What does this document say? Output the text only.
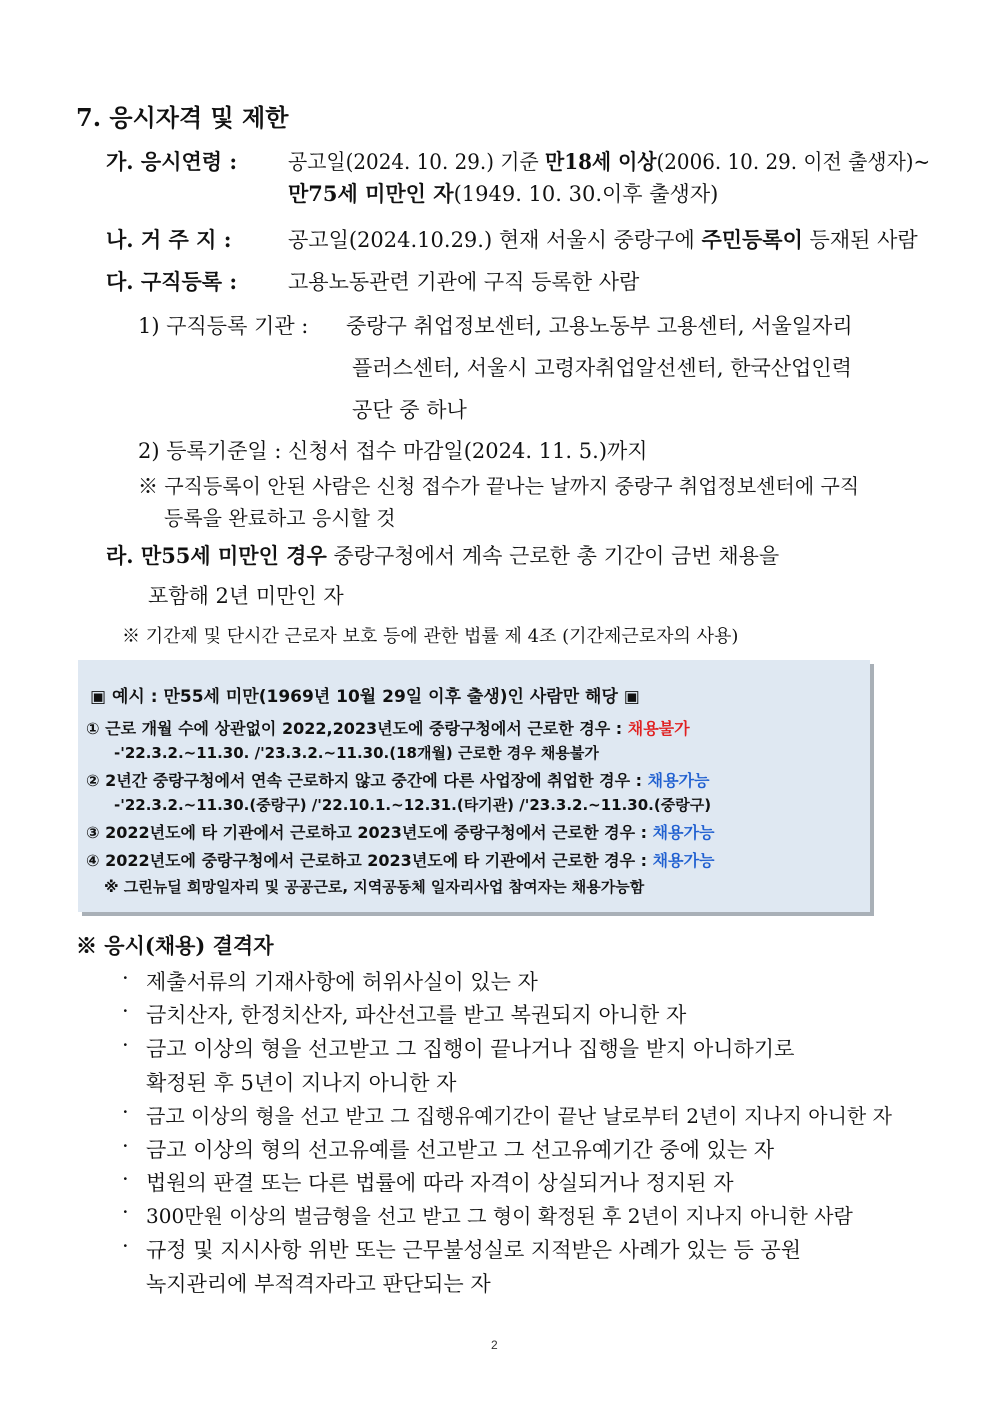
7. 응시자격 및 제한
가. 응시연령 : 공고일(2024. 10. 29.) 기준 만18세 이상(2006. 10. 29. 이전 출생자)~
만75세 미만인 자(1949. 10. 30.이후 출생자)
나. 거 주 지 :	공고일(2024.10.29.) 현재 서울시 중랑구에 주민등록이 등재된 사람
다. 구직등록 : 고용노동관련 기관에 구직 등록한 사람
1) 구직등록 기관 : 중랑구 취업정보센터, 고용노동부 고용센터, 서울일자리
플러스센터, 서울시 고령자취업알선센터, 한국산업인력
공단 중 하나
2) 등록기준일 : 신청서 접수 마감일(2024. 11. 5.)까지
※ 구직등록이 안된 사람은 신청 접수가 끝나는 날까지 중랑구 취업정보센터에 구직
등록을 완료하고 응시할 것
라. 만55세 미만인 경우 중랑구청에서 계속 근로한 총 기간이 금번 채용을
포함해 2년 미만인 자
※ 기간제 및 단시간 근로자 보호 등에 관한 법률 제 4조 (기간제근로자의 사용)
▣ 예시 : 만55세 미만(1969년 10월 29일 이후 출생)인 사람만 해당 ▣
① 근로 개월 수에 상관없이 2022,2023년도에 중랑구청에서 근로한 경우 : 채용불가
-'22.3.2.~11.30. /'23.3.2.~11.30.(18개월) 근로한 경우 채용불가
② 2년간 중랑구청에서 연속 근로하지 않고 중간에 다른 사업장에 취업한 경우 : 채용가능
-'22.3.2.~11.30.(중랑구) /'22.10.1.~12.31.(타기관) /'23.3.2.~11.30.(중랑구)
③ 2022년도에 타 기관에서 근로하고 2023년도에 중랑구청에서 근로한 경우 : 채용가능
④ 2022년도에 중랑구청에서 근로하고 2023년도에 타 기관에서 근로한 경우 : 채용가능
※ 그린뉴딜 희망일자리 및 공공근로, 지역공동체 일자리사업 참여자는 채용가능함
※ 응시(채용) 결격자
· 제출서류의 기재사항에 허위사실이 있는 자
· 금치산자, 한정치산자, 파산선고를 받고 복권되지 아니한 자
· 금고 이상의 형을 선고받고 그 집행이 끝나거나 집행을 받지 아니하기로
확정된 후 5년이 지나지 아니한 자
· 금고 이상의 형을 선고 받고 그 집행유예기간이 끝난 날로부터 2년이 지나지 아니한 자
· 금고 이상의 형의 선고유예를 선고받고 그 선고유예기간 중에 있는 자
· 법원의 판결 또는 다른 법률에 따라 자격이 상실되거나 정지된 자
· 300만원 이상의 벌금형을 선고 받고 그 형이 확정된 후 2년이 지나지 아니한 사람
· 규정 및 지시사항 위반 또는 근무불성실로 지적받은 사례가 있는 등 공원
녹지관리에 부적격자라고 판단되는 자
2
